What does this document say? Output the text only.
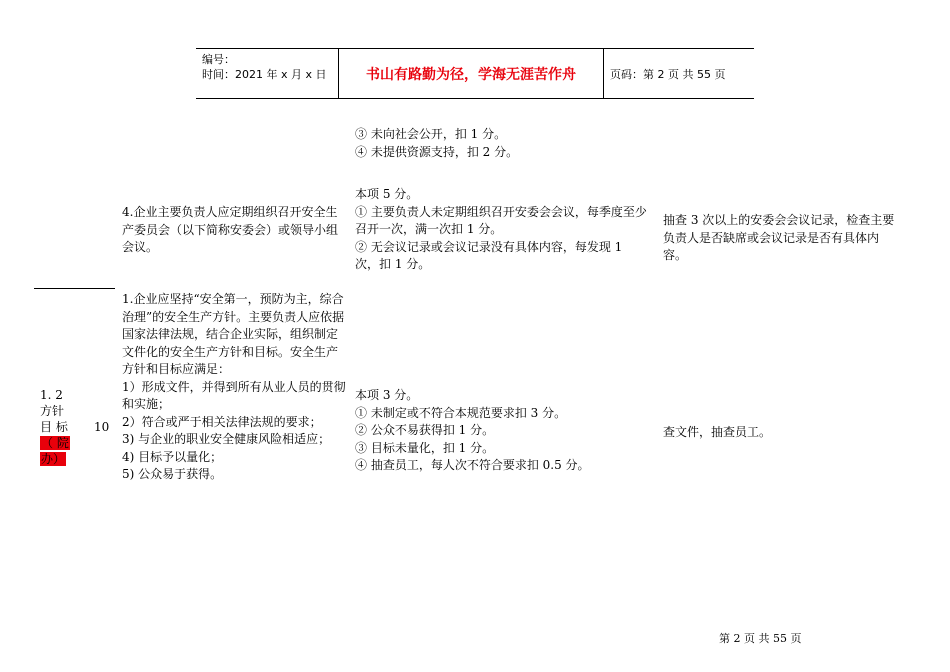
编号：
时间：2021 年 x 月 x 日	书山有路勤为径，学海无涯苦作舟	页码：第 2 页 共 55 页
③ 未向社会公开，扣 1 分。
④ 未提供资源支持，扣 2 分。
4.企业主要负责人应定期组织召开安全生产委员会（以下简称安委会）或领导小组会议。
本项 5 分。
① 主要负责人未定期组织召开安委会会议，每季度至少召开一次，满一次扣 1 分。
② 无会议记录或会议记录没有具体内容，每发现 1 次，扣 1 分。
抽查 3 次以上的安委会会议记录，检查主要负责人是否缺席或会议记录是否有具体内容。
1. 2
方针
目 标 10
（ 院
办）
1.企业应坚持“安全第一，预防为主，综合治理”的安全生产方针。主要负责人应依据国家法律法规，结合企业实际，组织制定文件化的安全生产方针和目标。安全生产方针和目标应满足：
1）形成文件，并得到所有从业人员的贯彻和实施；
2）符合或严于相关法律法规的要求；
3) 与企业的职业安全健康风险相适应；
4) 目标予以量化；
5) 公众易于获得。
本项 3 分。
① 未制定或不符合本规范要求扣 3 分。
② 公众不易获得扣 1 分。
③ 目标未量化，扣 1 分。
④ 抽查员工，每人次不符合要求扣 0.5 分。
查文件，抽查员工。
第 2 页 共 55 页
